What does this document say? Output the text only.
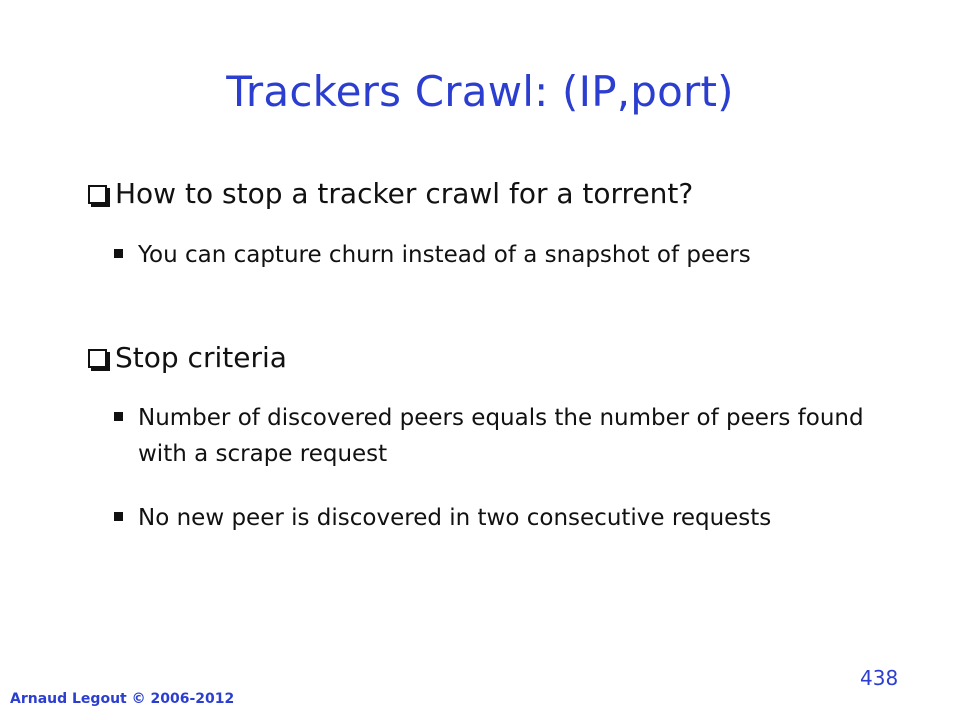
Trackers Crawl: (IP,port)
How to stop a tracker crawl for a torrent?
You can capture churn instead of a snapshot of peers
Stop criteria
Number of discovered peers equals the number of peers found with a scrape request
No new peer is discovered in two consecutive requests
Arnaud Legout © 2006-2012
438
